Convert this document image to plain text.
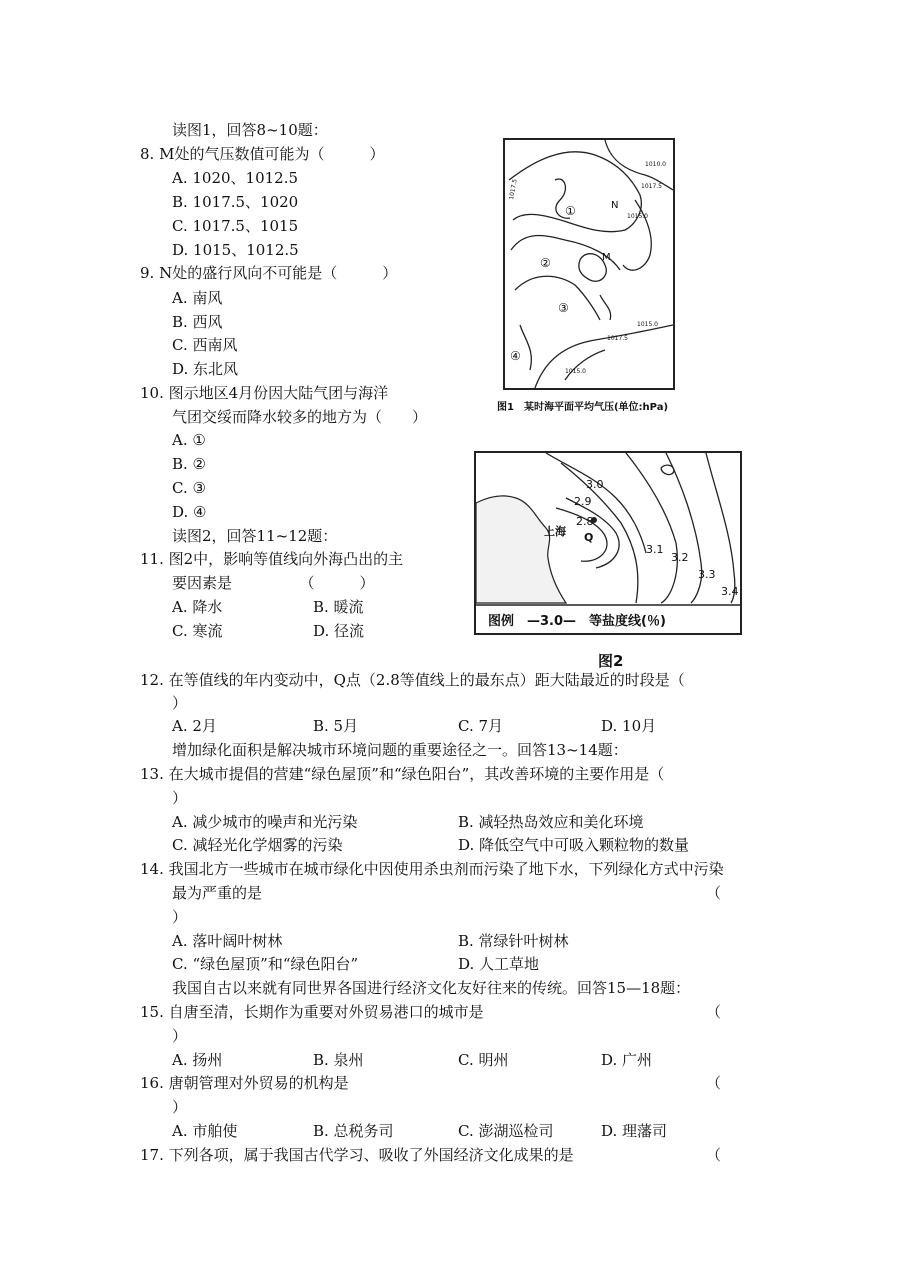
读图1，回答8~10题：
8. M处的气压数值可能为（　　　）
A. 1020、1012.5
B. 1017.5、1020
C. 1017.5、1015
D. 1015、1012.5
9. N处的盛行风向不可能是（　　　）
A. 南风
B. 西风
C. 西南风
D. 东北风
10. 图示地区4月份因大陆气团与海洋
气团交绥而降水较多的地方为（　　）
A. ①
B. ②
C. ③
D. ④
读图2，回答11~12题：
11. 图2中，影响等值线向外海凸出的主
要因素是　　　　　（　　　）
A. 降水	B. 暖流
C. 寒流	D. 径流
12. 在等值线的年内变动中，Q点（2.8等值线上的最东点）距大陆最近的时段是（
）
A. 2月	B. 5月	C. 7月	D. 10月
增加绿化面积是解决城市环境问题的重要途径之一。回答13~14题：
13. 在大城市提倡的营建“绿色屋顶”和“绿色阳台”，其改善环境的主要作用是（
）
A. 减少城市的噪声和光污染	B. 减轻热岛效应和美化环境
C. 减轻光化学烟雾的污染	D. 降低空气中可吸入颗粒物的数量
14. 我国北方一些城市在城市绿化中因使用杀虫剂而污染了地下水，下列绿化方式中污染
最为严重的是	（
）
A. 落叶阔叶树林	B. 常绿针叶树林
C. “绿色屋顶”和“绿色阳台”	D. 人工草地
我国自古以来就有同世界各国进行经济文化友好往来的传统。回答15—18题：
15. 自唐至清，长期作为重要对外贸易港口的城市是	（
）
A. 扬州	B. 泉州	C. 明州	D. 广州
16. 唐朝管理对外贸易的机构是	（
）
A. 市舶使	B. 总税务司	C. 澎湖巡检司	D. 理藩司
17. 下列各项，属于我国古代学习、吸收了外国经济文化成果的是	（
①
②
③
④
M
N
1010.0
1017.5
1015.0
1015.0
1017.5
1015.0
1017.5
图1　某时海平面平均气压(单位:hPa)
3.0
2.9
2.8
3.1
3.2
3.3
3.4
上海 Q
图例　—3.0—　等盐度线(％)
图2
